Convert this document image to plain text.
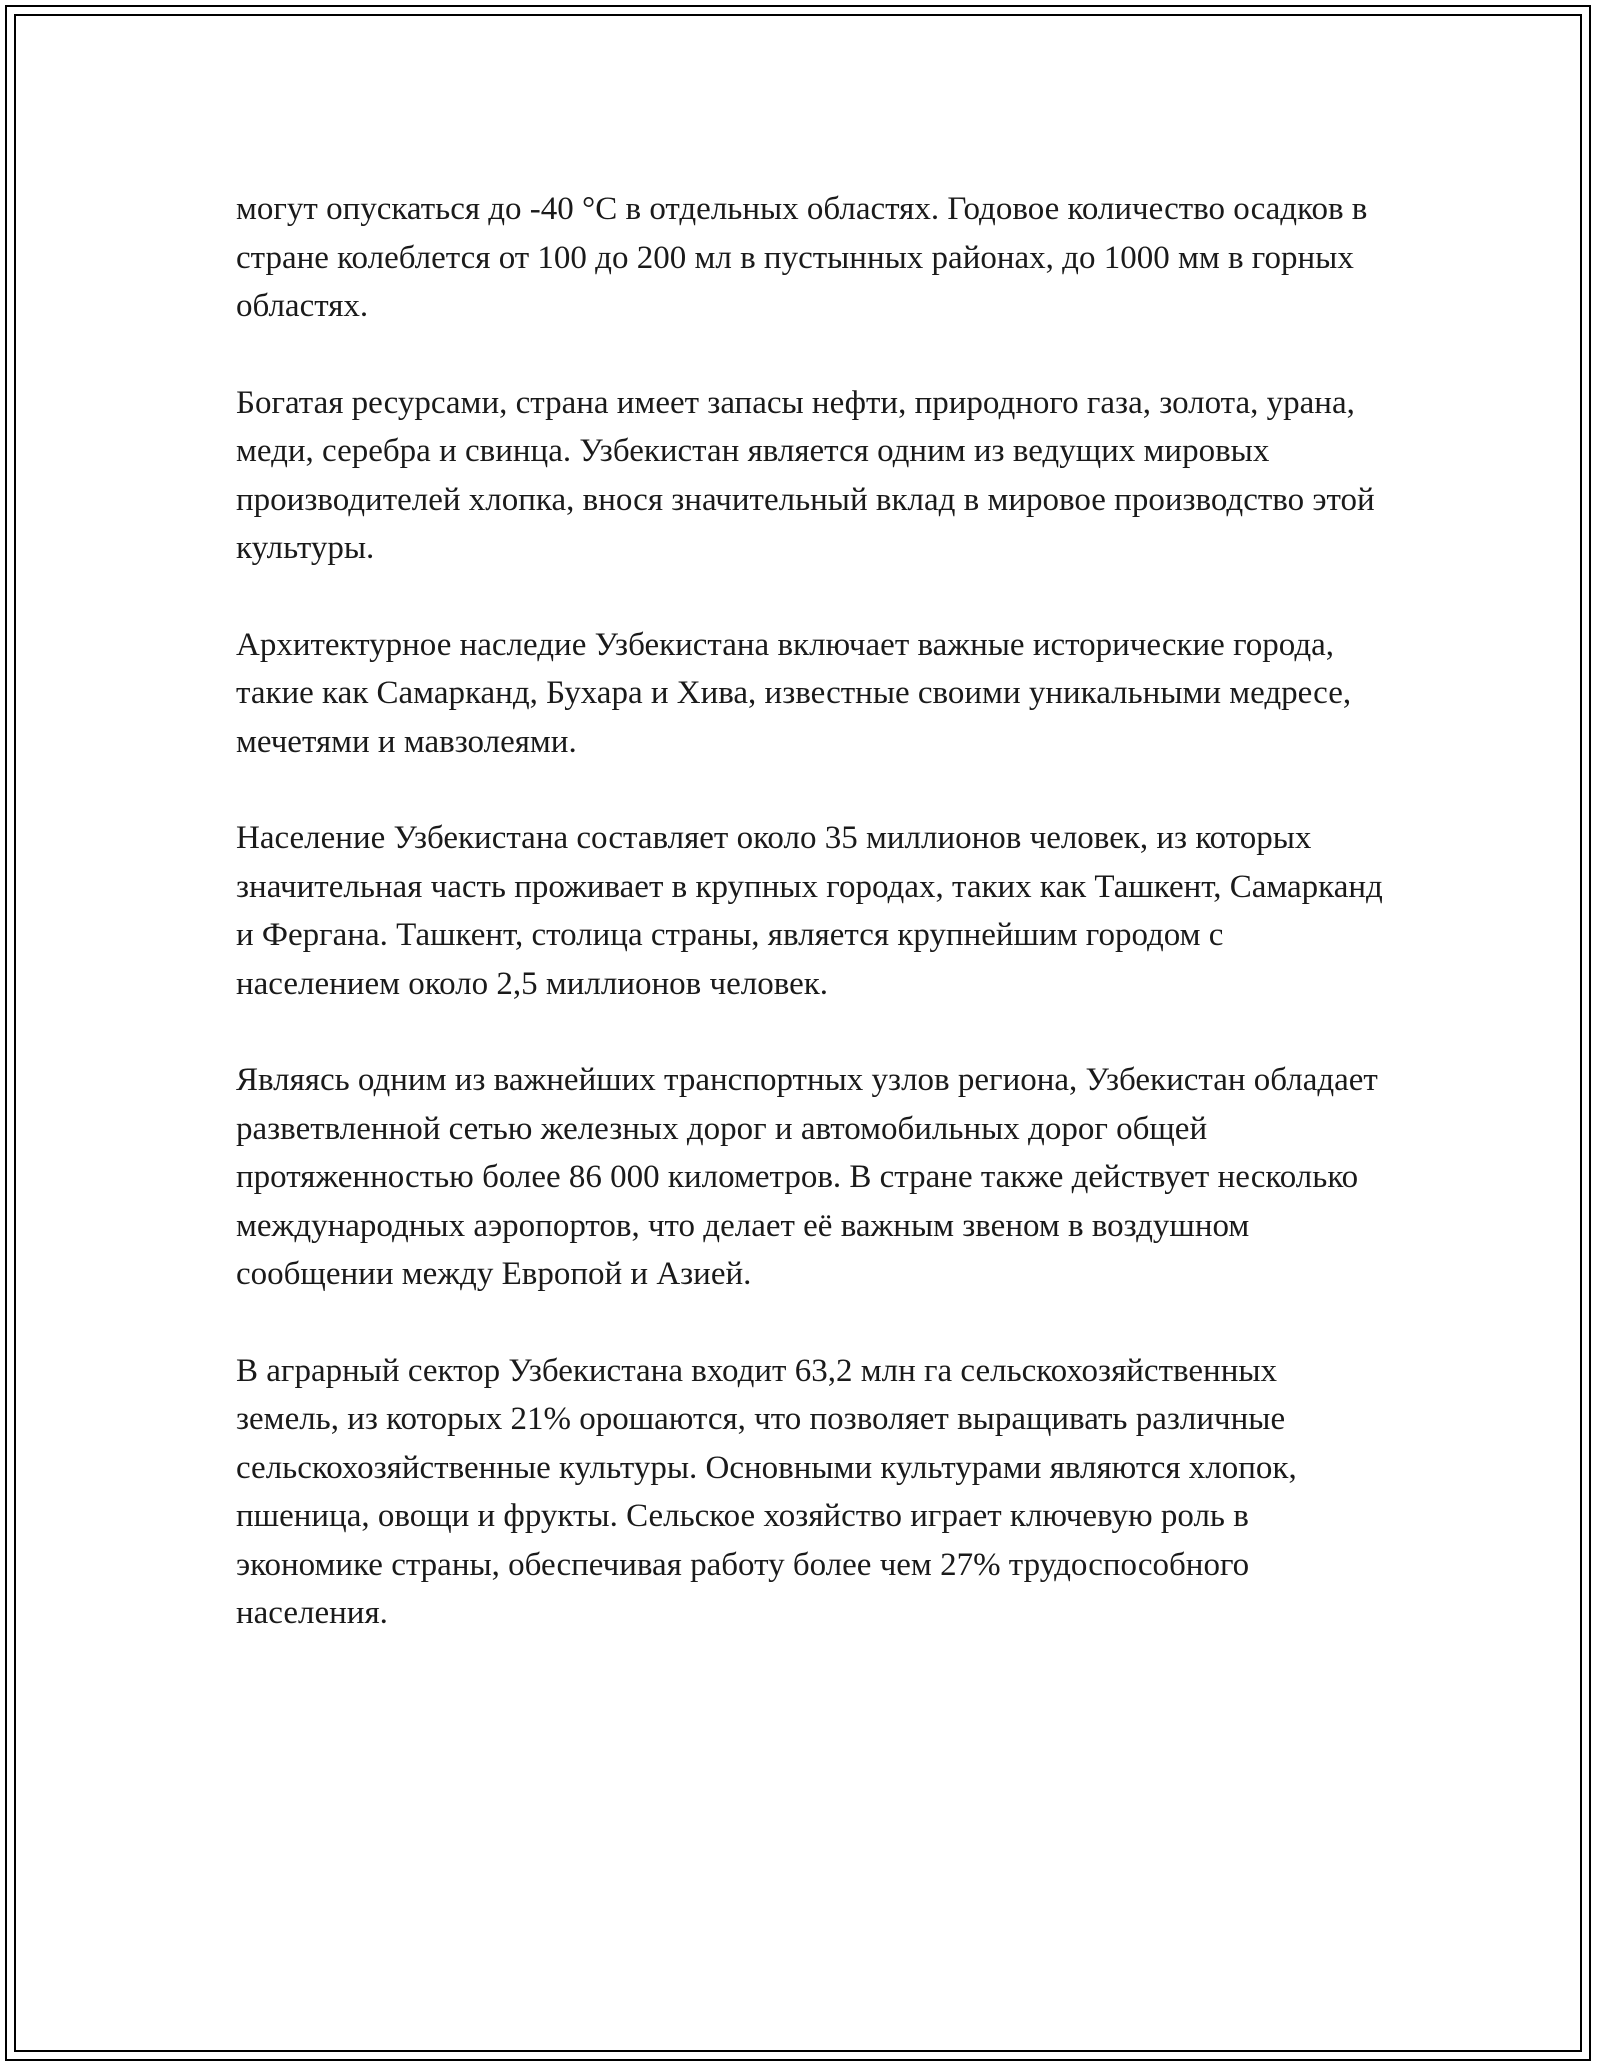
могут опускаться до -40 °C в отдельных областях. Годовое количество осадков в стране колеблется от 100 до 200 мл в пустынных районах, до 1000 мм в горных областях.

Богатая ресурсами, страна имеет запасы нефти, природного газа, золота, урана, меди, серебра и свинца. Узбекистан является одним из ведущих мировых производителей хлопка, внося значительный вклад в мировое производство этой культуры.

Архитектурное наследие Узбекистана включает важные исторические города, такие как Самарканд, Бухара и Хива, известные своими уникальными медресе, мечетями и мавзолеями.

Население Узбекистана составляет около 35 миллионов человек, из которых значительная часть проживает в крупных городах, таких как Ташкент, Самарканд и Фергана. Ташкент, столица страны, является крупнейшим городом с населением около 2,5 миллионов человек.

Являясь одним из важнейших транспортных узлов региона, Узбекистан обладает разветвленной сетью железных дорог и автомобильных дорог общей протяженностью более 86 000 километров. В стране также действует несколько международных аэропортов, что делает её важным звеном в воздушном сообщении между Европой и Азией.

В аграрный сектор Узбекистана входит 63,2 млн га сельскохозяйственных земель, из которых 21% орошаются, что позволяет выращивать различные сельскохозяйственные культуры. Основными культурами являются хлопок, пшеница, овощи и фрукты. Сельское хозяйство играет ключевую роль в экономике страны, обеспечивая работу более чем 27% трудоспособного населения.
